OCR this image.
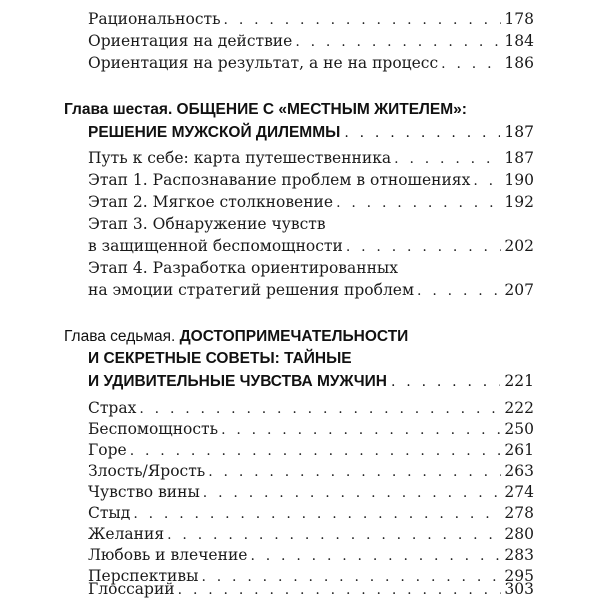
Рациональность . . .	178
Ориентация на действие . . .	184
Ориентация на результат, а не на процесс . . .	186
Глава шестая. ОБЩЕНИЕ С «МЕСТНЫМ ЖИТЕЛЕМ»:
РЕШЕНИЕ МУЖСКОЙ ДИЛЕММЫ . . .	187
Путь к себе: карта путешественника . . .	187
Этап 1. Распознавание проблем в отношениях . . . 190
Этап 2. Мягкое столкновение . . .	192
Этап 3. Обнаружение чувств
в защищенной беспомощности . . .	202
Этап 4. Разработка ориентированных
на эмоции стратегий решения проблем . . .	207
Глава седьмая. ДОСТОПРИМЕЧАТЕЛЬНОСТИ
И СЕКРЕТНЫЕ СОВЕТЫ: ТАЙНЫЕ
И УДИВИТЕЛЬНЫЕ ЧУВСТВА МУЖЧИН . . .	221
Страх . . .	222
Беспомощность . . .	250
Горе . . .	261
Злость/Ярость . . .	263
Чувство вины . . .	274
Стыд . . .	278
Желания . . .	280
Любовь и влечение . . .	283
Перспективы . . .	295
Глоссарий . . .	303
